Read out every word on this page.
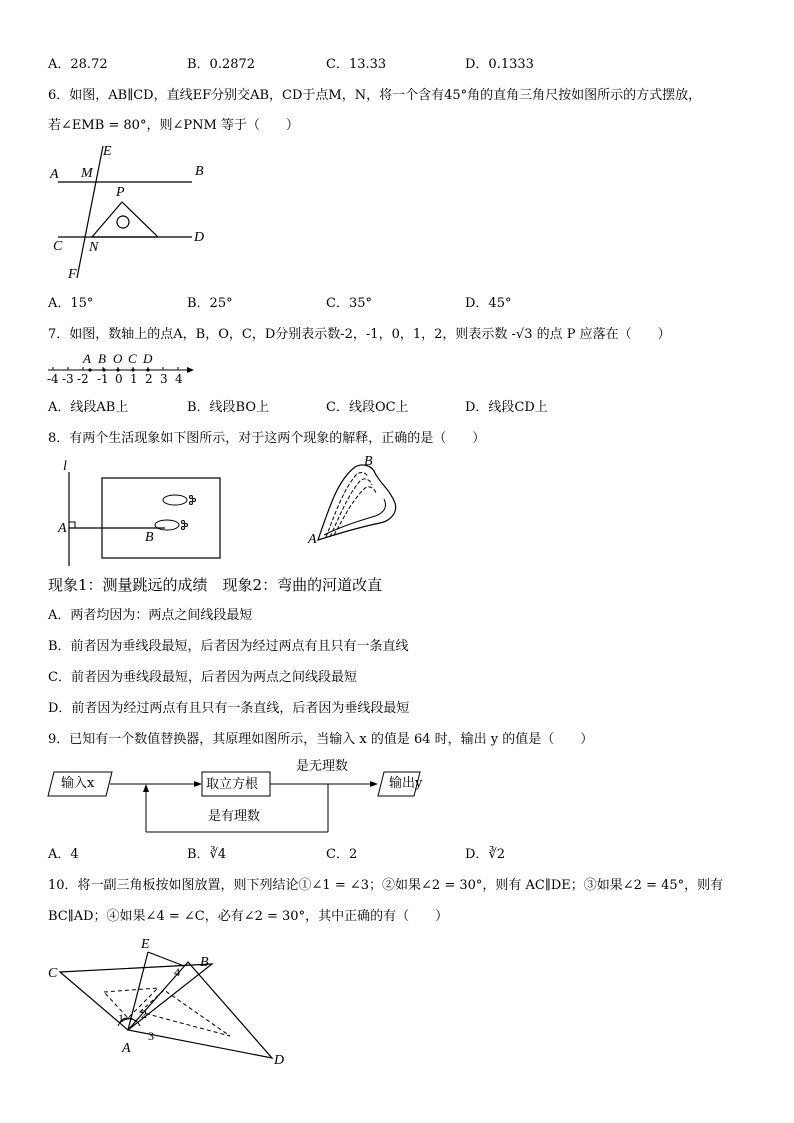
A．28.72	B．0.2872	C．13.33	D．0.1333
6．如图，AB∥CD，直线EF分别交AB，CD于点M，N，将一个含有45°角的直角三角尺按如图所示的方式摆放，
若∠EMB = 80°，则∠PNM 等于（　　）
A M
E
B
P
C N
D
F
A．15°	B．25°	C．35°	D．45°
7．如图，数轴上的点A，B，O，C，D分别表示数-2，-1，0，1，2，则表示数 -√3 的点 P 应落在（　　）
A B O C D
-4 -3 -2 -1 0 1 2 3 4
A．线段AB上	B．线段BO上	C．线段OC上	D．线段CD上
8．有两个生活现象如下图所示，对于这两个现象的解释，正确的是（　　）
l
A
B
B
A
现象1：测量跳远的成绩　现象2：弯曲的河道改直
A．两者均因为：两点之间线段最短
B．前者因为垂线段最短，后者因为经过两点有且只有一条直线
C．前者因为垂线段最短，后者因为两点之间线段最短
D．前者因为经过两点有且只有一条直线，后者因为垂线段最短
9．已知有一个数值替换器，其原理如图所示，当输入 x 的值是 64 时，输出 y 的值是（　　）
输入x	取立方根
是无理数
输出y
是有理数
A．4	B．∛4	C．2	D．∛2
10．将一副三角板按如图放置，则下列结论①∠1 = ∠3；②如果∠2 = 30°，则有 AC∥DE；③如果∠2 = 45°，则有
BC∥AD；④如果∠4 = ∠C，必有∠2 = 30°，其中正确的有（　　）
E
C
B
4
1 2
3
A
D
